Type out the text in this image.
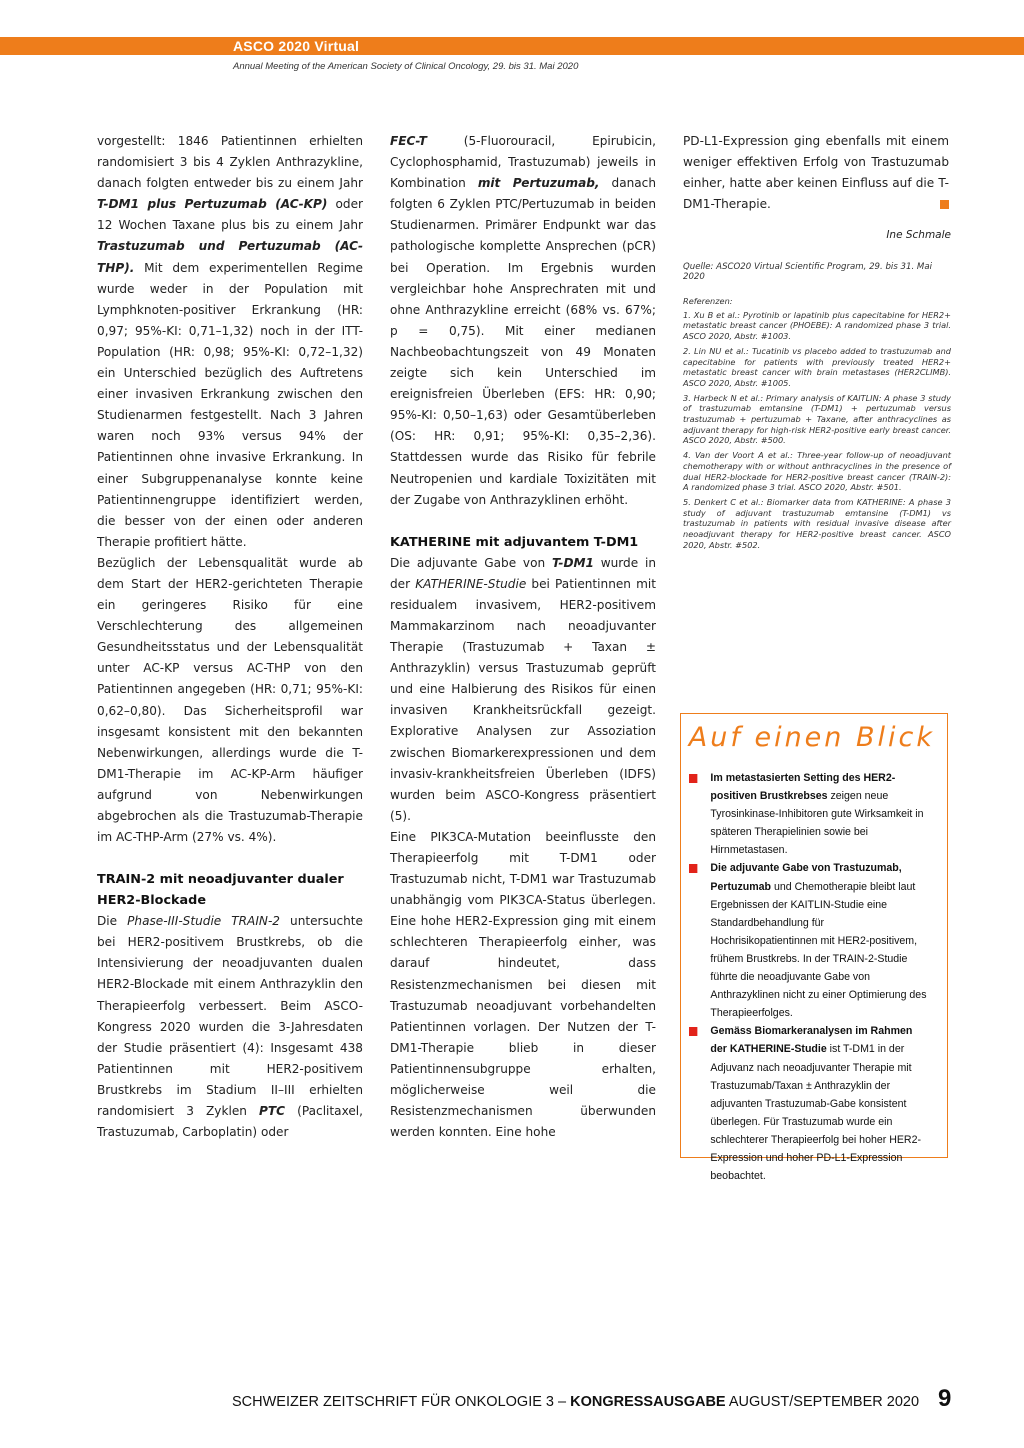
ASCO 2020 Virtual
Annual Meeting of the American Society of Clinical Oncology, 29. bis 31. Mai 2020

vorgestellt: 1846 Patientinnen erhielten randomisiert 3 bis 4 Zyklen Anthrazykline, danach folgten entweder bis zu einem Jahr T-DM1 plus Pertuzumab (AC-KP) oder 12 Wochen Taxane plus bis zu einem Jahr Trastuzumab und Pertuzumab (AC-THP). Mit dem experimentellen Regime wurde weder in der Population mit Lymphknoten-positiver Erkrankung (HR: 0,97; 95%-KI: 0,71–1,32) noch in der ITT-Population (HR: 0,98; 95%-KI: 0,72–1,32) ein Unterschied bezüglich des Auftretens einer invasiven Erkrankung zwischen den Studienarmen festgestellt. Nach 3 Jahren waren noch 93% versus 94% der Patientinnen ohne invasive Erkrankung. In einer Subgruppenanalyse konnte keine Patientinnengruppe identifiziert werden, die besser von der einen oder anderen Therapie profitiert hätte.

Bezüglich der Lebensqualität wurde ab dem Start der HER2-gerichteten Therapie ein geringeres Risiko für eine Verschlechterung des allgemeinen Gesundheitsstatus und der Lebensqualität unter AC-KP versus AC-THP von den Patientinnen angegeben (HR: 0,71; 95%-KI: 0,62–0,80). Das Sicherheitsprofil war insgesamt konsistent mit den bekannten Nebenwirkungen, allerdings wurde die T-DM1-Therapie im AC-KP-Arm häufiger aufgrund von Nebenwirkungen abgebrochen als die Trastuzumab-Therapie im AC-THP-Arm (27% vs. 4%).

TRAIN-2 mit neoadjuvanter dualer HER2-Blockade

Die Phase-III-Studie TRAIN-2 untersuchte bei HER2-positivem Brustkrebs, ob die Intensivierung der neoadjuvanten dualen HER2-Blockade mit einem Anthrazyklin den Therapieerfolg verbessert. Beim ASCO-Kongress 2020 wurden die 3-Jahresdaten der Studie präsentiert (4): Insgesamt 438 Patientinnen mit HER2-positivem Brustkrebs im Stadium II–III erhielten randomisiert 3 Zyklen PTC (Paclitaxel, Trastuzumab, Carboplatin) oder

FEC-T (5-Fluorouracil, Epirubicin, Cyclophosphamid, Trastuzumab) jeweils in Kombination mit Pertuzumab, danach folgten 6 Zyklen PTC/Pertuzumab in beiden Studienarmen. Primärer Endpunkt war das pathologische komplette Ansprechen (pCR) bei Operation. Im Ergebnis wurden vergleichbar hohe Ansprechraten mit und ohne Anthrazykline erreicht (68% vs. 67%; p = 0,75). Mit einer medianen Nachbeobachtungszeit von 49 Monaten zeigte sich kein Unterschied im ereignisfreien Überleben (EFS: HR: 0,90; 95%-KI: 0,50–1,63) oder Gesamtüberleben (OS: HR: 0,91; 95%-KI: 0,35–2,36). Stattdessen wurde das Risiko für febrile Neutropenien und kardiale Toxizitäten mit der Zugabe von Anthrazyklinen erhöht.

KATHERINE mit adjuvantem T-DM1

Die adjuvante Gabe von T-DM1 wurde in der KATHERINE-Studie bei Patientinnen mit residualem invasivem, HER2-positivem Mammakarzinom nach neoadjuvanter Therapie (Trastuzumab + Taxan ± Anthrazyklin) versus Trastuzumab geprüft und eine Halbierung des Risikos für einen invasiven Krankheitsrückfall gezeigt. Explorative Analysen zur Assoziation zwischen Biomarkerexpressionen und dem invasiv-krankheitsfreien Überleben (IDFS) wurden beim ASCO-Kongress präsentiert (5).

Eine PIK3CA-Mutation beeinflusste den Therapieerfolg mit T-DM1 oder Trastuzumab nicht, T-DM1 war Trastuzumab unabhängig vom PIK3CA-Status überlegen. Eine hohe HER2-Expression ging mit einem schlechteren Therapieerfolg einher, was darauf hindeutet, dass Resistenzmechanismen bei diesen mit Trastuzumab neoadjuvant vorbehandelten Patientinnen vorlagen. Der Nutzen der T-DM1-Therapie blieb in dieser Patientinnensubgruppe erhalten, möglicherweise weil die Resistenzmechanismen überwunden werden konnten. Eine hohe

PD-L1-Expression ging ebenfalls mit einem weniger effektiven Erfolg von Trastuzumab einher, hatte aber keinen Einfluss auf die T-DM1-Therapie.

Ine Schmale
Quelle: ASCO20 Virtual Scientific Program, 29. bis 31. Mai 2020
Referenzen:
1. Xu B et al.: Pyrotinib or lapatinib plus capecitabine for HER2+ metastatic breast cancer (PHOEBE): A randomized phase 3 trial. ASCO 2020, Abstr. #1003.
2. Lin NU et al.: Tucatinib vs placebo added to trastuzumab and capecitabine for patients with previously treated HER2+ metastatic breast cancer with brain metastases (HER2CLIMB). ASCO 2020, Abstr. #1005.
3. Harbeck N et al.: Primary analysis of KAITLIN: A phase 3 study of trastuzumab emtansine (T-DM1) + pertuzumab versus trastuzumab + pertuzumab + Taxane, after anthracyclines as adjuvant therapy for high-risk HER2-positive early breast cancer. ASCO 2020, Abstr. #500.
4. Van der Voort A et al.: Three-year follow-up of neoadjuvant chemotherapy with or without anthracyclines in the presence of dual HER2-blockade for HER2-positive breast cancer (TRAIN-2): A randomized phase 3 trial. ASCO 2020, Abstr. #501.
5. Denkert C et al.: Biomarker data from KATHERINE: A phase 3 study of adjuvant trastuzumab emtansine (T-DM1) vs trastuzumab in patients with residual invasive disease after neoadjuvant therapy for HER2-positive breast cancer. ASCO 2020, Abstr. #502.
Auf einen Blick
Im metastasierten Setting des HER2-positiven Brustkrebses zeigen neue Tyrosinkinase-Inhibitoren gute Wirksamkeit in späteren Therapielinien sowie bei Hirnmetastasen.
Die adjuvante Gabe von Trastuzumab, Pertuzumab und Chemotherapie bleibt laut Ergebnissen der KAITLIN-Studie eine Standardbehandlung für Hochrisikopatientinnen mit HER2-positivem, frühem Brustkrebs. In der TRAIN-2-Studie führte die neoadjuvante Gabe von Anthrazyklinen nicht zu einer Optimierung des Therapieerfolges.
Gemäss Biomarkeranalysen im Rahmen der KATHERINE-Studie ist T-DM1 in der Adjuvanz nach neoadjuvanter Therapie mit Trastuzumab/Taxan ± Anthrazyklin der adjuvanten Trastuzumab-Gabe konsistent überlegen. Für Trastuzumab wurde ein schlechterer Therapieerfolg bei hoher HER2-Expression und hoher PD-L1-Expression beobachtet.
SCHWEIZER ZEITSCHRIFT FÜR ONKOLOGIE 3 – KONGRESSAUSGABE AUGUST/SEPTEMBER 2020 9
